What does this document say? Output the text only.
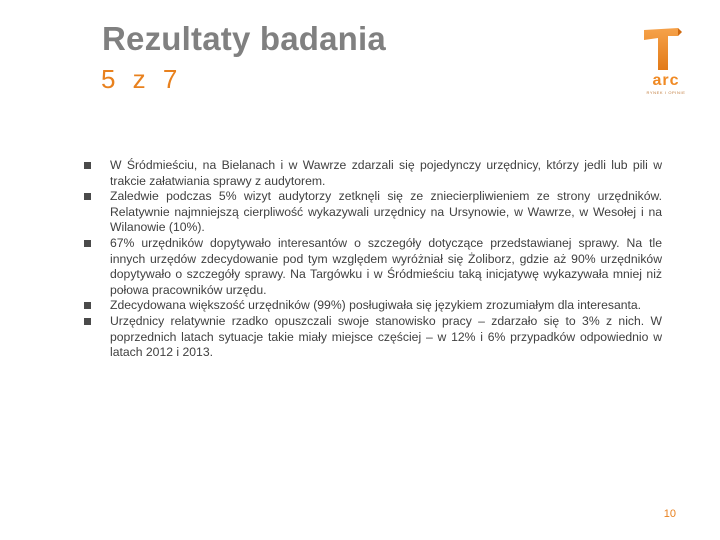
Rezultaty badania
5 z 7	arc
RYNEK I OPINIE
W Śródmieściu, na Bielanach i w Wawrze zdarzali się pojedynczy urzędnicy, którzy jedli lub pili w trakcie załatwiania sprawy z audytorem.
Zaledwie podczas 5% wizyt audytorzy zetknęli się ze zniecierpliwieniem ze strony urzędników. Relatywnie najmniejszą cierpliwość wykazywali urzędnicy na Ursynowie, w Wawrze, w Wesołej i na Wilanowie (10%).
67% urzędników dopytywało interesantów o szczegóły dotyczące przedstawianej sprawy. Na tle innych urzędów zdecydowanie pod tym względem wyróżniał się Żoliborz, gdzie aż 90% urzędników dopytywało o szczegóły sprawy. Na Targówku i w Śródmieściu taką inicjatywę wykazywała mniej niż połowa pracowników urzędu.
Zdecydowana większość urzędników (99%) posługiwała się językiem zrozumiałym dla interesanta.
Urzędnicy relatywnie rzadko opuszczali swoje stanowisko pracy – zdarzało się to 3% z nich. W poprzednich latach sytuacje takie miały miejsce częściej – w 12% i 6% przypadków odpowiednio w latach 2012 i 2013.
10
